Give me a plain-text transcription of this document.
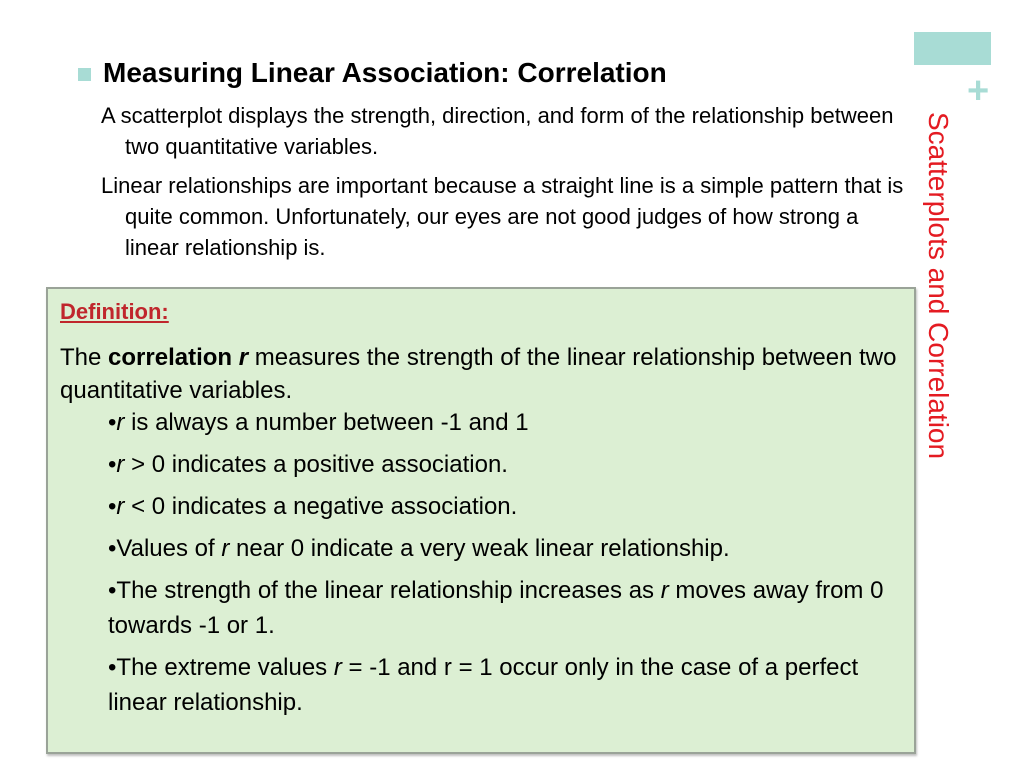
+
Scatterplots and Correlation
Measuring Linear Association: Correlation
A scatterplot displays the strength, direction, and form of the relationship between two quantitative variables.
Linear relationships are important because a straight line is a simple pattern that is quite common. Unfortunately, our eyes are not good judges of how strong a linear relationship is.
Definition:
The correlation r measures the strength of the linear relationship between two quantitative variables.
•r is always a number between -1 and 1
•r > 0 indicates a positive association.
•r < 0 indicates a negative association.
•Values of r near 0 indicate a very weak linear relationship.
•The strength of the linear relationship increases as r moves away from 0 towards -1 or 1.
•The extreme values r = -1 and r = 1 occur only in the case of a perfect linear relationship.
